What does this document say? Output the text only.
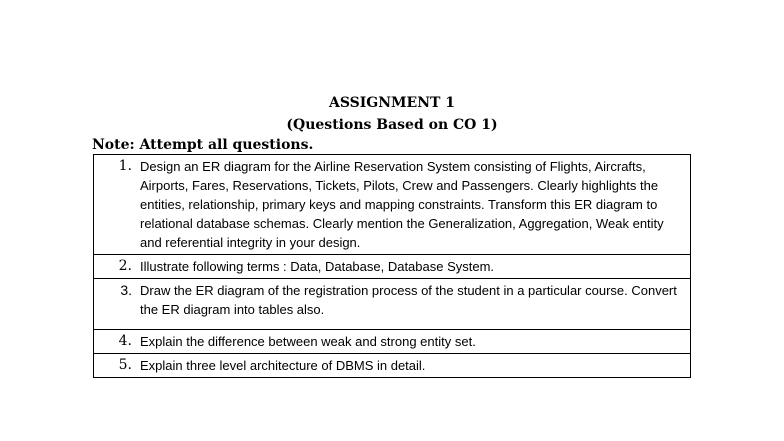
ASSIGNMENT 1
(Questions Based on CO 1)
Note: Attempt all questions.
1. Design an ER diagram for the Airline Reservation System consisting of Flights, Aircrafts, Airports, Fares, Reservations, Tickets, Pilots, Crew and Passengers. Clearly highlights the entities, relationship, primary keys and mapping constraints. Transform this ER diagram to relational database schemas. Clearly mention the Generalization, Aggregation, Weak entity and referential integrity in your design.

2. Illustrate following terms : Data, Database, Database System.

3. Draw the ER diagram of the registration process of the student in a particular course. Convert the ER diagram into tables also.

4. Explain the difference between weak and strong entity set.

5. Explain three level architecture of DBMS in detail.
